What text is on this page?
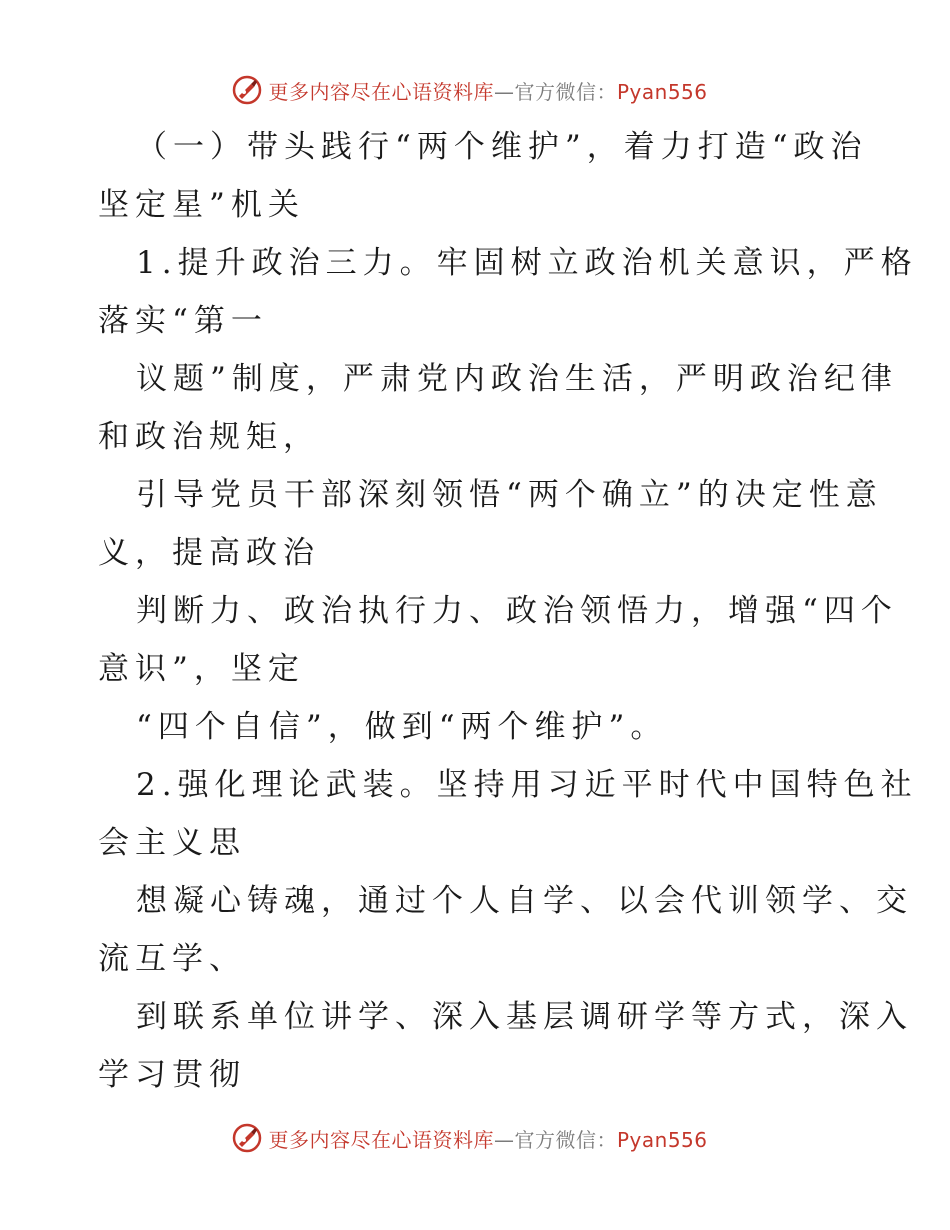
更多内容尽在心语资料库—官方微信：Pyan556
（一）带头践行“两个维护”，着力打造“政治
坚定星”机关
1.提升政治三力。牢固树立政治机关意识，严格
落实“第一
议题”制度，严肃党内政治生活，严明政治纪律
和政治规矩，
引导党员干部深刻领悟“两个确立”的决定性意
义，提高政治
判断力、政治执行力、政治领悟力，增强“四个
意识”，坚定
“四个自信”，做到“两个维护”。
2.强化理论武装。坚持用习近平时代中国特色社
会主义思
想凝心铸魂，通过个人自学、以会代训领学、交
流互学、
到联系单位讲学、深入基层调研学等方式，深入
学习贯彻
更多内容尽在心语资料库—官方微信：Pyan556
